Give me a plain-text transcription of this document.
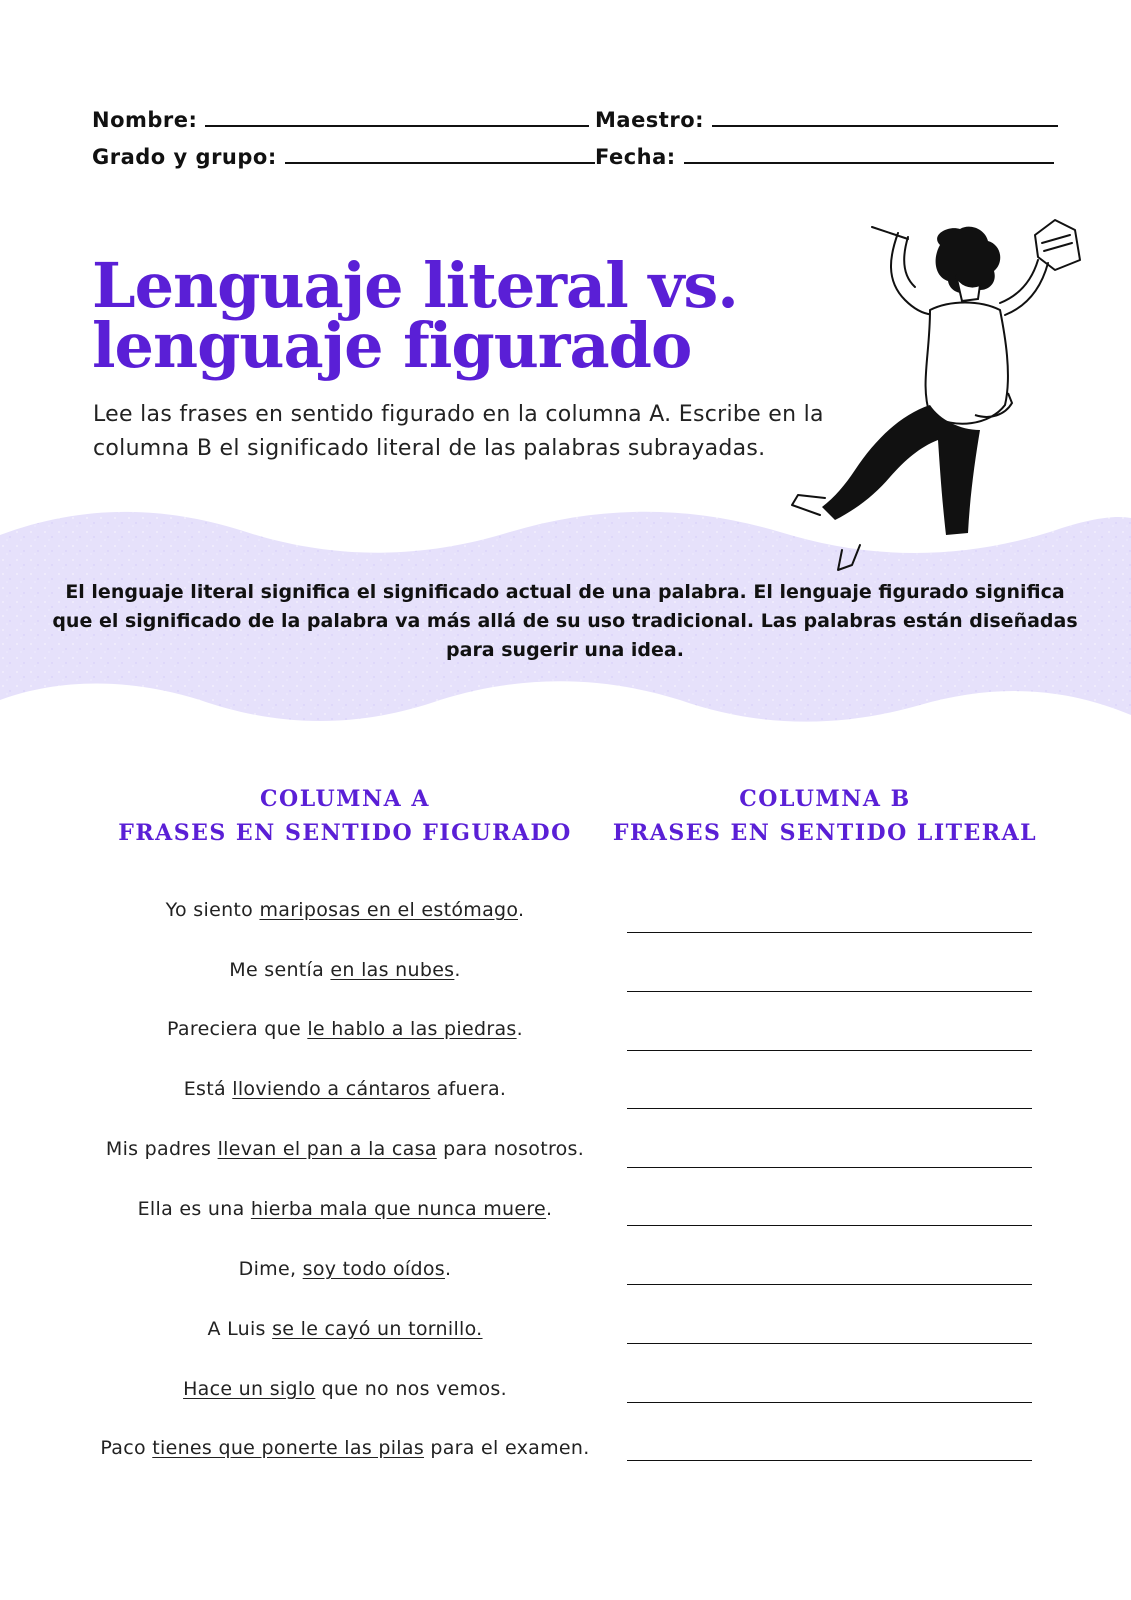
Nombre:	Maestro:
Grado y grupo:	Fecha:
Lenguaje literal vs. lenguaje figurado
Lee las frases en sentido figurado en la columna A. Escribe en la columna B el significado literal de las palabras subrayadas.
El lenguaje literal significa el significado actual de una palabra. El lenguaje figurado significa que el significado de la palabra va más allá de su uso tradicional. Las palabras están diseñadas para sugerir una idea.
COLUMNA A
FRASES EN SENTIDO FIGURADO
COLUMNA B
FRASES EN SENTIDO LITERAL
Yo siento mariposas en el estómago.
Me sentía en las nubes.
Pareciera que le hablo a las piedras.
Está lloviendo a cántaros afuera.
Mis padres llevan el pan a la casa para nosotros.
Ella es una hierba mala que nunca muere.
Dime, soy todo oídos.
A Luis se le cayó un tornillo.
Hace un siglo que no nos vemos.
Paco tienes que ponerte las pilas para el examen.
